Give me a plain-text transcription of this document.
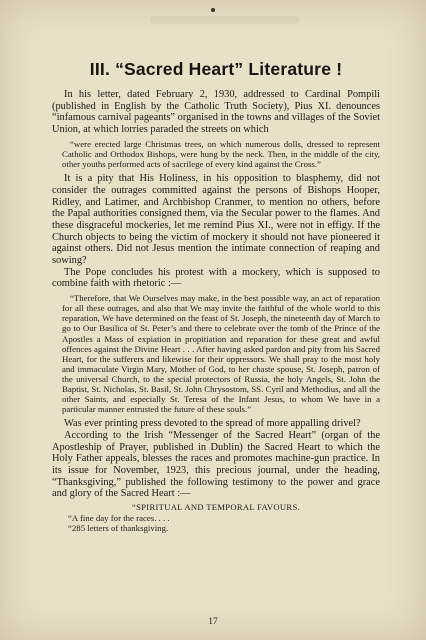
III. “Sacred Heart” Literature !

In his letter, dated February 2, 1930, addressed to Cardinal Pompili (published in English by the Catholic Truth Society), Pius XI. denounces “infamous carnival pageants” organised in the towns and villages of the Soviet Union, at which lorries paraded the streets on which

“were erected large Christmas trees, on which numerous dolls, dressed to represent Catholic and Orthodox Bishops, were hung by the neck. Then, in the middle of the city, other youths performed acts of sacrilege of every kind against the Cross.”

It is a pity that His Holiness, in his opposition to blasphemy, did not consider the outrages committed against the persons of Bishops Hooper, Ridley, and Latimer, and Archbishop Cranmer, to mention no others, before the Papal authorities consigned them, via the Secular power to the flames. And these disgraceful mockeries, let me remind Pius XI., were not in effigy. If the Church objects to being the victim of mockery it should not have pioneered it against others. Did not Jesus mention the intimate connection of reaping and sowing?

The Pope concludes his protest with a mockery, which is supposed to combine faith with rhetoric :—

“Therefore, that We Ourselves may make, in the best possible way, an act of reparation for all these outrages, and also that We may invite the faithful of the whole world to this reparation, We have determined on the feast of St. Joseph, the nineteenth day of March to go to Our Basilica of St. Peter’s and there to celebrate over the tomb of the Prince of the Apostles a Mass of expiation in propitiation and reparation for these great and awful offences against the Divine Heart . . . After having asked pardon and pity from his Sacred Heart, for the sufferers and likewise for their oppressors. We shall pray to the most holy and immaculate Virgin Mary, Mother of God, to her chaste spouse, St. Joseph, patron of the universal Church, to the special protectors of Russia, the holy Angels, St. John the Baptist, St. Nicholas, St. Basil, St. John Chrysostom, SS. Cyril and Methodius, and all the other Saints, and especially St. Teresa of the Infant Jesus, to whom We have in a particular manner entrusted the future of these souls.”

Was ever printing press devoted to the spread of more appalling drivel?

According to the Irish “Messenger of the Sacred Heart” (organ of the Apostleship of Prayer, published in Dublin) the Sacred Heart to which the Holy Father appeals, blesses the races and promotes machine-gun practice. In its issue for November, 1923, this precious journal, under the heading, “Thanksgiving,” published the following testimony to the power and grace and glory of the Sacred Heart :—

“SPIRITUAL AND TEMPORAL FAVOURS.

“A fine day for the races. . . .

“285 letters of thanksgiving.

17
